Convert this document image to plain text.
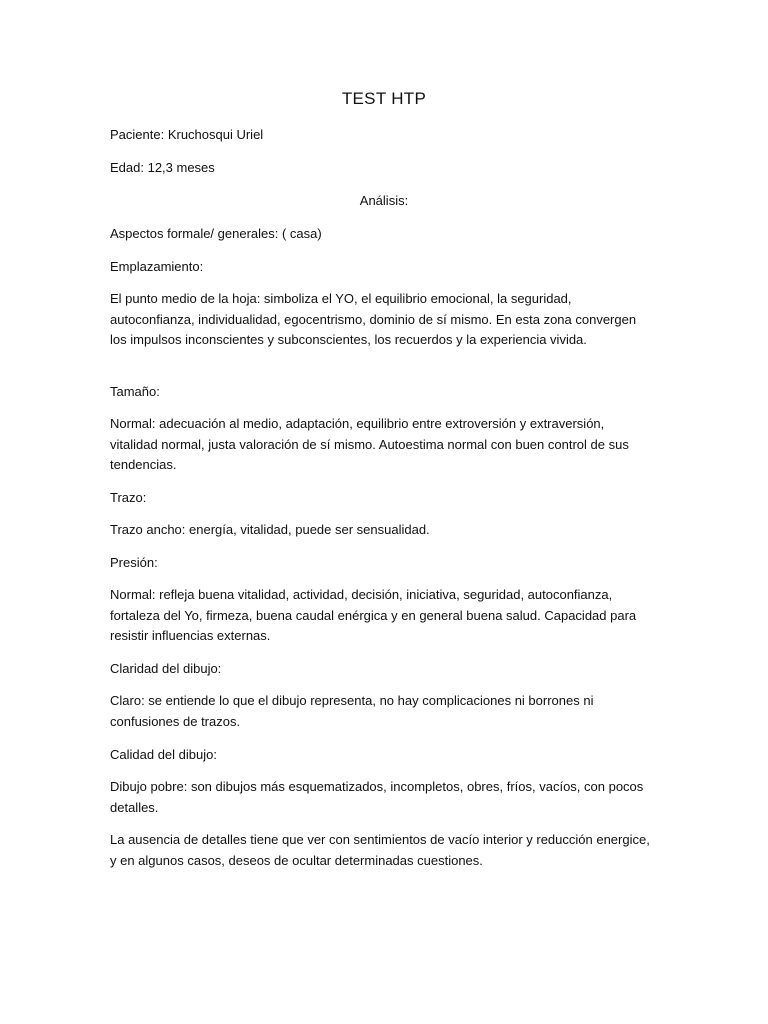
TEST HTP
Paciente: Kruchosqui Uriel
Edad: 12,3 meses
Análisis:
Aspectos formale/ generales: ( casa)
Emplazamiento:

El punto medio de la hoja: simboliza el YO, el equilibrio emocional, la seguridad, autoconfianza, individualidad, egocentrismo, dominio de sí mismo. En esta zona convergen los impulsos inconscientes y subconscientes, los recuerdos y la experiencia vivida.

Tamaño:

Normal: adecuación al medio, adaptación, equilibrio entre extroversión y extraversión, vitalidad normal, justa valoración de sí mismo. Autoestima normal con buen control de sus tendencias.

Trazo:

Trazo ancho: energía, vitalidad, puede ser sensualidad.

Presión:

Normal: refleja buena vitalidad, actividad, decisión, iniciativa, seguridad, autoconfianza, fortaleza del Yo, firmeza, buena caudal enérgica y en general buena salud. Capacidad para resistir influencias externas.

Claridad del dibujo:

Claro: se entiende lo que el dibujo representa, no hay complicaciones ni borrones ni confusiones de trazos.

Calidad del dibujo:

Dibujo pobre: son dibujos más esquematizados, incompletos, obres, fríos, vacíos, con pocos detalles.

La ausencia de detalles tiene que ver con sentimientos de vacío interior y reducción energice, y en algunos casos, deseos de ocultar determinadas cuestiones.
